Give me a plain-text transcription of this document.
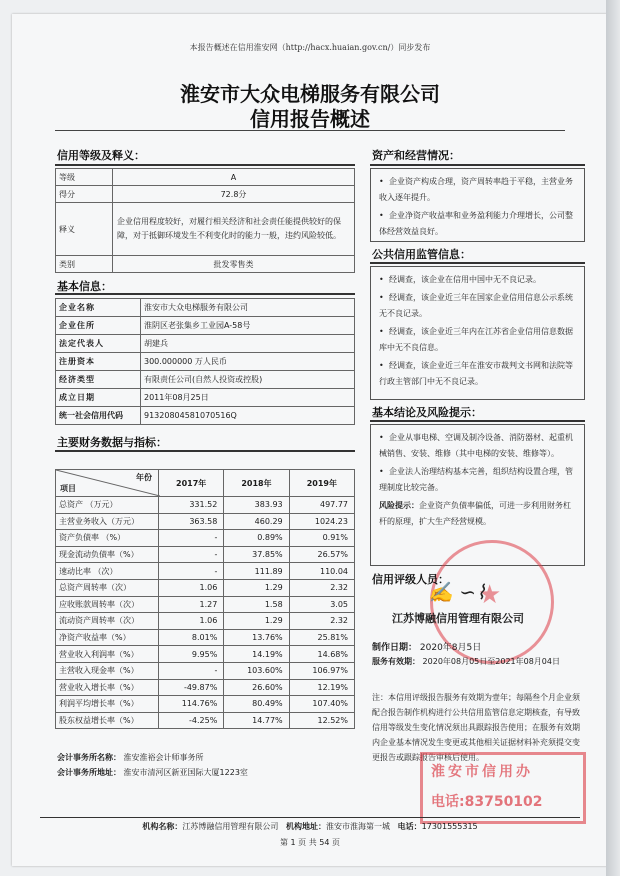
本报告概述在信用淮安网（http://hacx.huaian.gov.cn/）同步发布
淮安市大众电梯服务有限公司
信用报告概述
信用等级及释义：
等级	A
得分	72.8分
释义	企业信用程度较好，对履行相关经济和社会责任能提供较好的保障，对于抵御环境发生不利变化时的能力一般，违约风险较低。
类别	批发零售类
基本信息：
企业名称	淮安市大众电梯服务有限公司
企业住所	淮阴区老张集乡工业园A-58号
法定代表人	胡建兵
注册资本	300.000000 万人民币
经济类型	有限责任公司(自然人投资或控股)
成立日期	2011年08月25日
统一社会信用代码	91320804581070516Q
主要财务数据与指标：
年份
项目	2017年	2018年	2019年
总资产 （万元）	331.52	383.93	497.77
主营业务收入（万元）	363.58	460.29	1024.23
资产负债率 （%）	-	0.89%	0.91%
现金流动负债率（%）	-	37.85%	26.57%
速动比率 （次）	-	111.89	110.04
总资产周转率（次）	1.06	1.29	2.32
应收账款周转率（次）	1.27	1.58	3.05
流动资产周转率（次）	1.06	1.29	2.32
净资产收益率（%）	8.01%	13.76%	25.81%
营业收入利润率（%）	9.95%	14.19%	14.68%
主营收入现金率（%）	-	103.60%	106.97%
营业收入增长率（%）	-49.87%	26.60%	12.19%
利润平均增长率（%）	114.76%	80.49%	107.40%
股东权益增长率（%）	-4.25%	14.77%	12.52%
会计事务所名称： 淮安淮裕会计师事务所
会计事务所地址： 淮安市清河区新亚国际大厦1223室
资产和经营情况：

• 企业资产构成合理，资产周转率趋于平稳，主营业务收入逐年提升。

• 企业净资产收益率和业务盈利能力介理增长，公司整体经营效益良好。

公共信用监管信息：

• 经调查，该企业在信用中国中无不良记录。

• 经调查，该企业近三年在国家企业信用信息公示系统无不良记录。

• 经调查，该企业近三年内在江苏省企业信用信息数据库中无不良信息。

• 经调查，该企业近三年在淮安市裁判文书网和法院等行政主管部门中无不良记录。

基本结论及风险提示：

• 企业从事电梯、空调及制冷设备、消防器材、起重机械销售、安装、维修（其中电梯的安装、维修等）。

• 企业法人治理结构基本完善，组织结构设置合理，管理制度比较完备。

风险提示：企业资产负债率偏低，可进一步利用财务杠杆的原理，扩大生产经营规模。

★
信用评级人员：
✍ ∽⌇
江苏博融信用管理有限公司
制作日期： 2020年8月5日
服务有效期： 2020年08月05日至2021年08月04日
注：本信用评级报告服务有效期为壹年；每隔叁个月企业须配合报告制作机构进行公共信用监管信息定期核查，有导致信用等级发生变化情况须出具跟踪报告使用；在服务有效期内企业基本情况发生变更或其他相关证据材料补充须提交变更报告或跟踪报告审核后使用。
淮安市信用办
电话:83750102
机构名称：江苏博融信用管理有限公司 机构地址：淮安市淮海第一城 电话：17301555315
第 1 页 共 54 页
